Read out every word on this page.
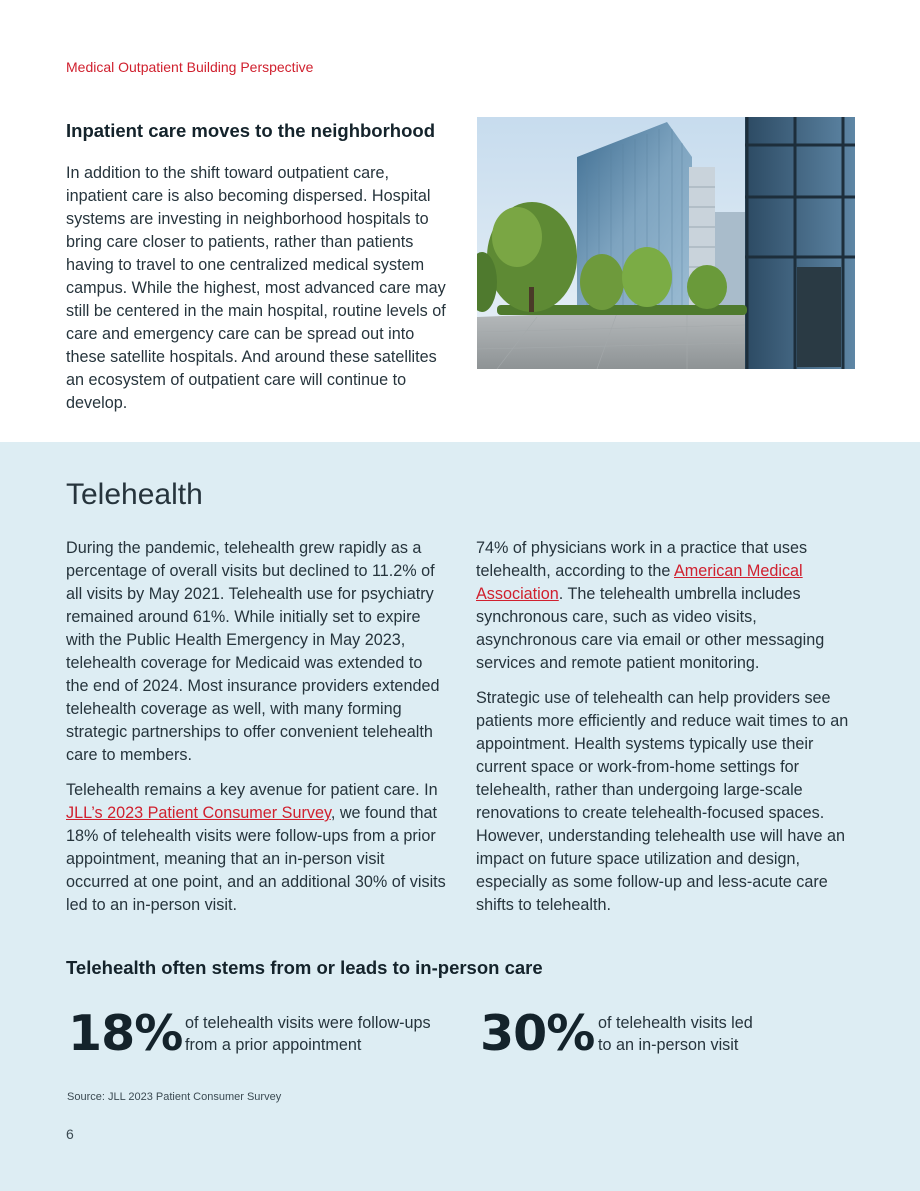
Medical Outpatient Building Perspective
Inpatient care moves to the neighborhood

In addition to the shift toward outpatient care, inpatient care is also becoming dispersed. Hospital systems are investing in neighborhood hospitals to bring care closer to patients, rather than patients having to travel to one centralized medical system campus. While the highest, most advanced care may still be centered in the main hospital, routine levels of care and emergency care can be spread out into these satellite hospitals. And around these satellites an ecosystem of outpatient care will continue to develop.

Telehealth

During the pandemic, telehealth grew rapidly as a percentage of overall visits but declined to 11.2% of all visits by May 2021. Telehealth use for psychiatry remained around 61%. While initially set to expire with the Public Health Emergency in May 2023, telehealth coverage for Medicaid was extended to the end of 2024. Most insurance providers extended telehealth coverage as well, with many forming strategic partnerships to offer convenient telehealth care to members.

Telehealth remains a key avenue for patient care. In JLL’s 2023 Patient Consumer Survey, we found that 18% of telehealth visits were follow-ups from a prior appointment, meaning that an in-person visit occurred at one point, and an additional 30% of visits led to an in-person visit.

74% of physicians work in a practice that uses telehealth, according to the American Medical Association. The telehealth umbrella includes synchronous care, such as video visits, asynchronous care via email or other messaging services and remote patient monitoring.

Strategic use of telehealth can help providers see patients more efficiently and reduce wait times to an appointment. Health systems typically use their current space or work-from-home settings for telehealth, rather than undergoing large-scale renovations to create telehealth-focused spaces. However, understanding telehealth use will have an impact on future space utilization and design, especially as some follow-up and less-acute care shifts to telehealth.

Telehealth often stems from or leads to in-person care
18% of telehealth visits were follow-ups
from a prior appointment	30% of telehealth visits led
to an in-person visit
Source: JLL 2023 Patient Consumer Survey
6
